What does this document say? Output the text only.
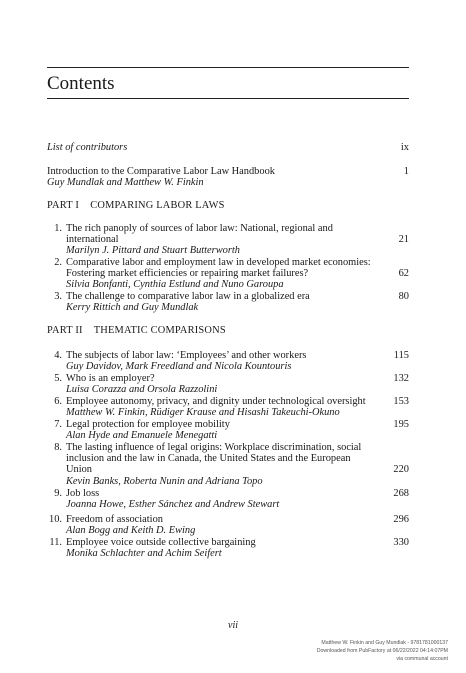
Contents
List of contributors	ix
Introduction to the Comparative Labor Law Handbook	1
Guy Mundlak and Matthew W. Finkin
PART I    COMPARING LABOR LAWS
1. The rich panoply of sources of labor law: National, regional and
international
Marilyn J. Pittard and Stuart Butterworth
21
2. Comparative labor and employment law in developed market economies:
Fostering market efficiencies or repairing market failures?
Silvia Bonfanti, Cynthia Estlund and Nuno Garoupa
62
3. The challenge to comparative labor law in a globalized era
Kerry Rittich and Guy Mundlak
80
PART II    THEMATIC COMPARISONS
4. The subjects of labor law: ‘Employees’ and other workers
Guy Davidov, Mark Freedland and Nicola Kountouris
115
5. Who is an employer?
Luisa Corazza and Orsola Razzolini
132
6. Employee autonomy, privacy, and dignity under technological oversight
Matthew W. Finkin, Rüdiger Krause and Hisashi Takeuchi-Okuno
153
7. Legal protection for employee mobility
Alan Hyde and Emanuele Menegatti
195
8. The lasting influence of legal origins: Workplace discrimination, social
inclusion and the law in Canada, the United States and the European
Union
Kevin Banks, Roberta Nunin and Adriana Topo
220
9. Job loss
Joanna Howe, Esther Sánchez and Andrew Stewart
268
10. Freedom of association
Alan Bogg and Keith D. Ewing
296
11. Employee voice outside collective bargaining
Monika Schlachter and Achim Seifert
330
vii
Matthew W. Finkin and Guy Mundlak - 9781781000137
Downloaded from PubFactory at 06/22/2022 04:14:07PM
via communal account
